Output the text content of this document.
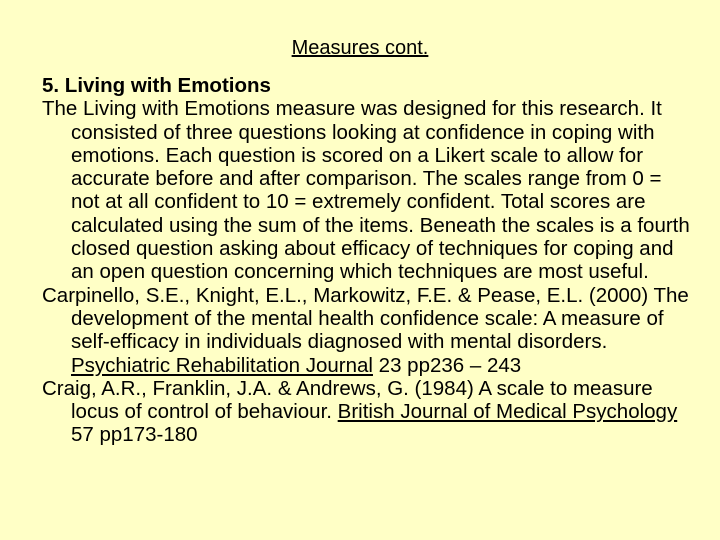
Measures cont.

5. Living with Emotions

The Living with Emotions measure was designed for this research. It consisted of three questions looking at confidence in coping with emotions. Each question is scored on a Likert scale to allow for accurate before and after comparison. The scales range from 0 = not at all confident to 10 = extremely confident. Total scores are calculated using the sum of the items. Beneath the scales is a fourth closed question asking about efficacy of techniques for coping and an open question concerning which techniques are most useful.

Carpinello, S.E., Knight, E.L., Markowitz, F.E. & Pease, E.L. (2000) The development of the mental health confidence scale: A measure of self-efficacy in individuals diagnosed with mental disorders. Psychiatric Rehabilitation Journal 23 pp236 – 243

Craig, A.R., Franklin, J.A. & Andrews, G. (1984) A scale to measure locus of control of behaviour. British Journal of Medical Psychology 57 pp173-180
